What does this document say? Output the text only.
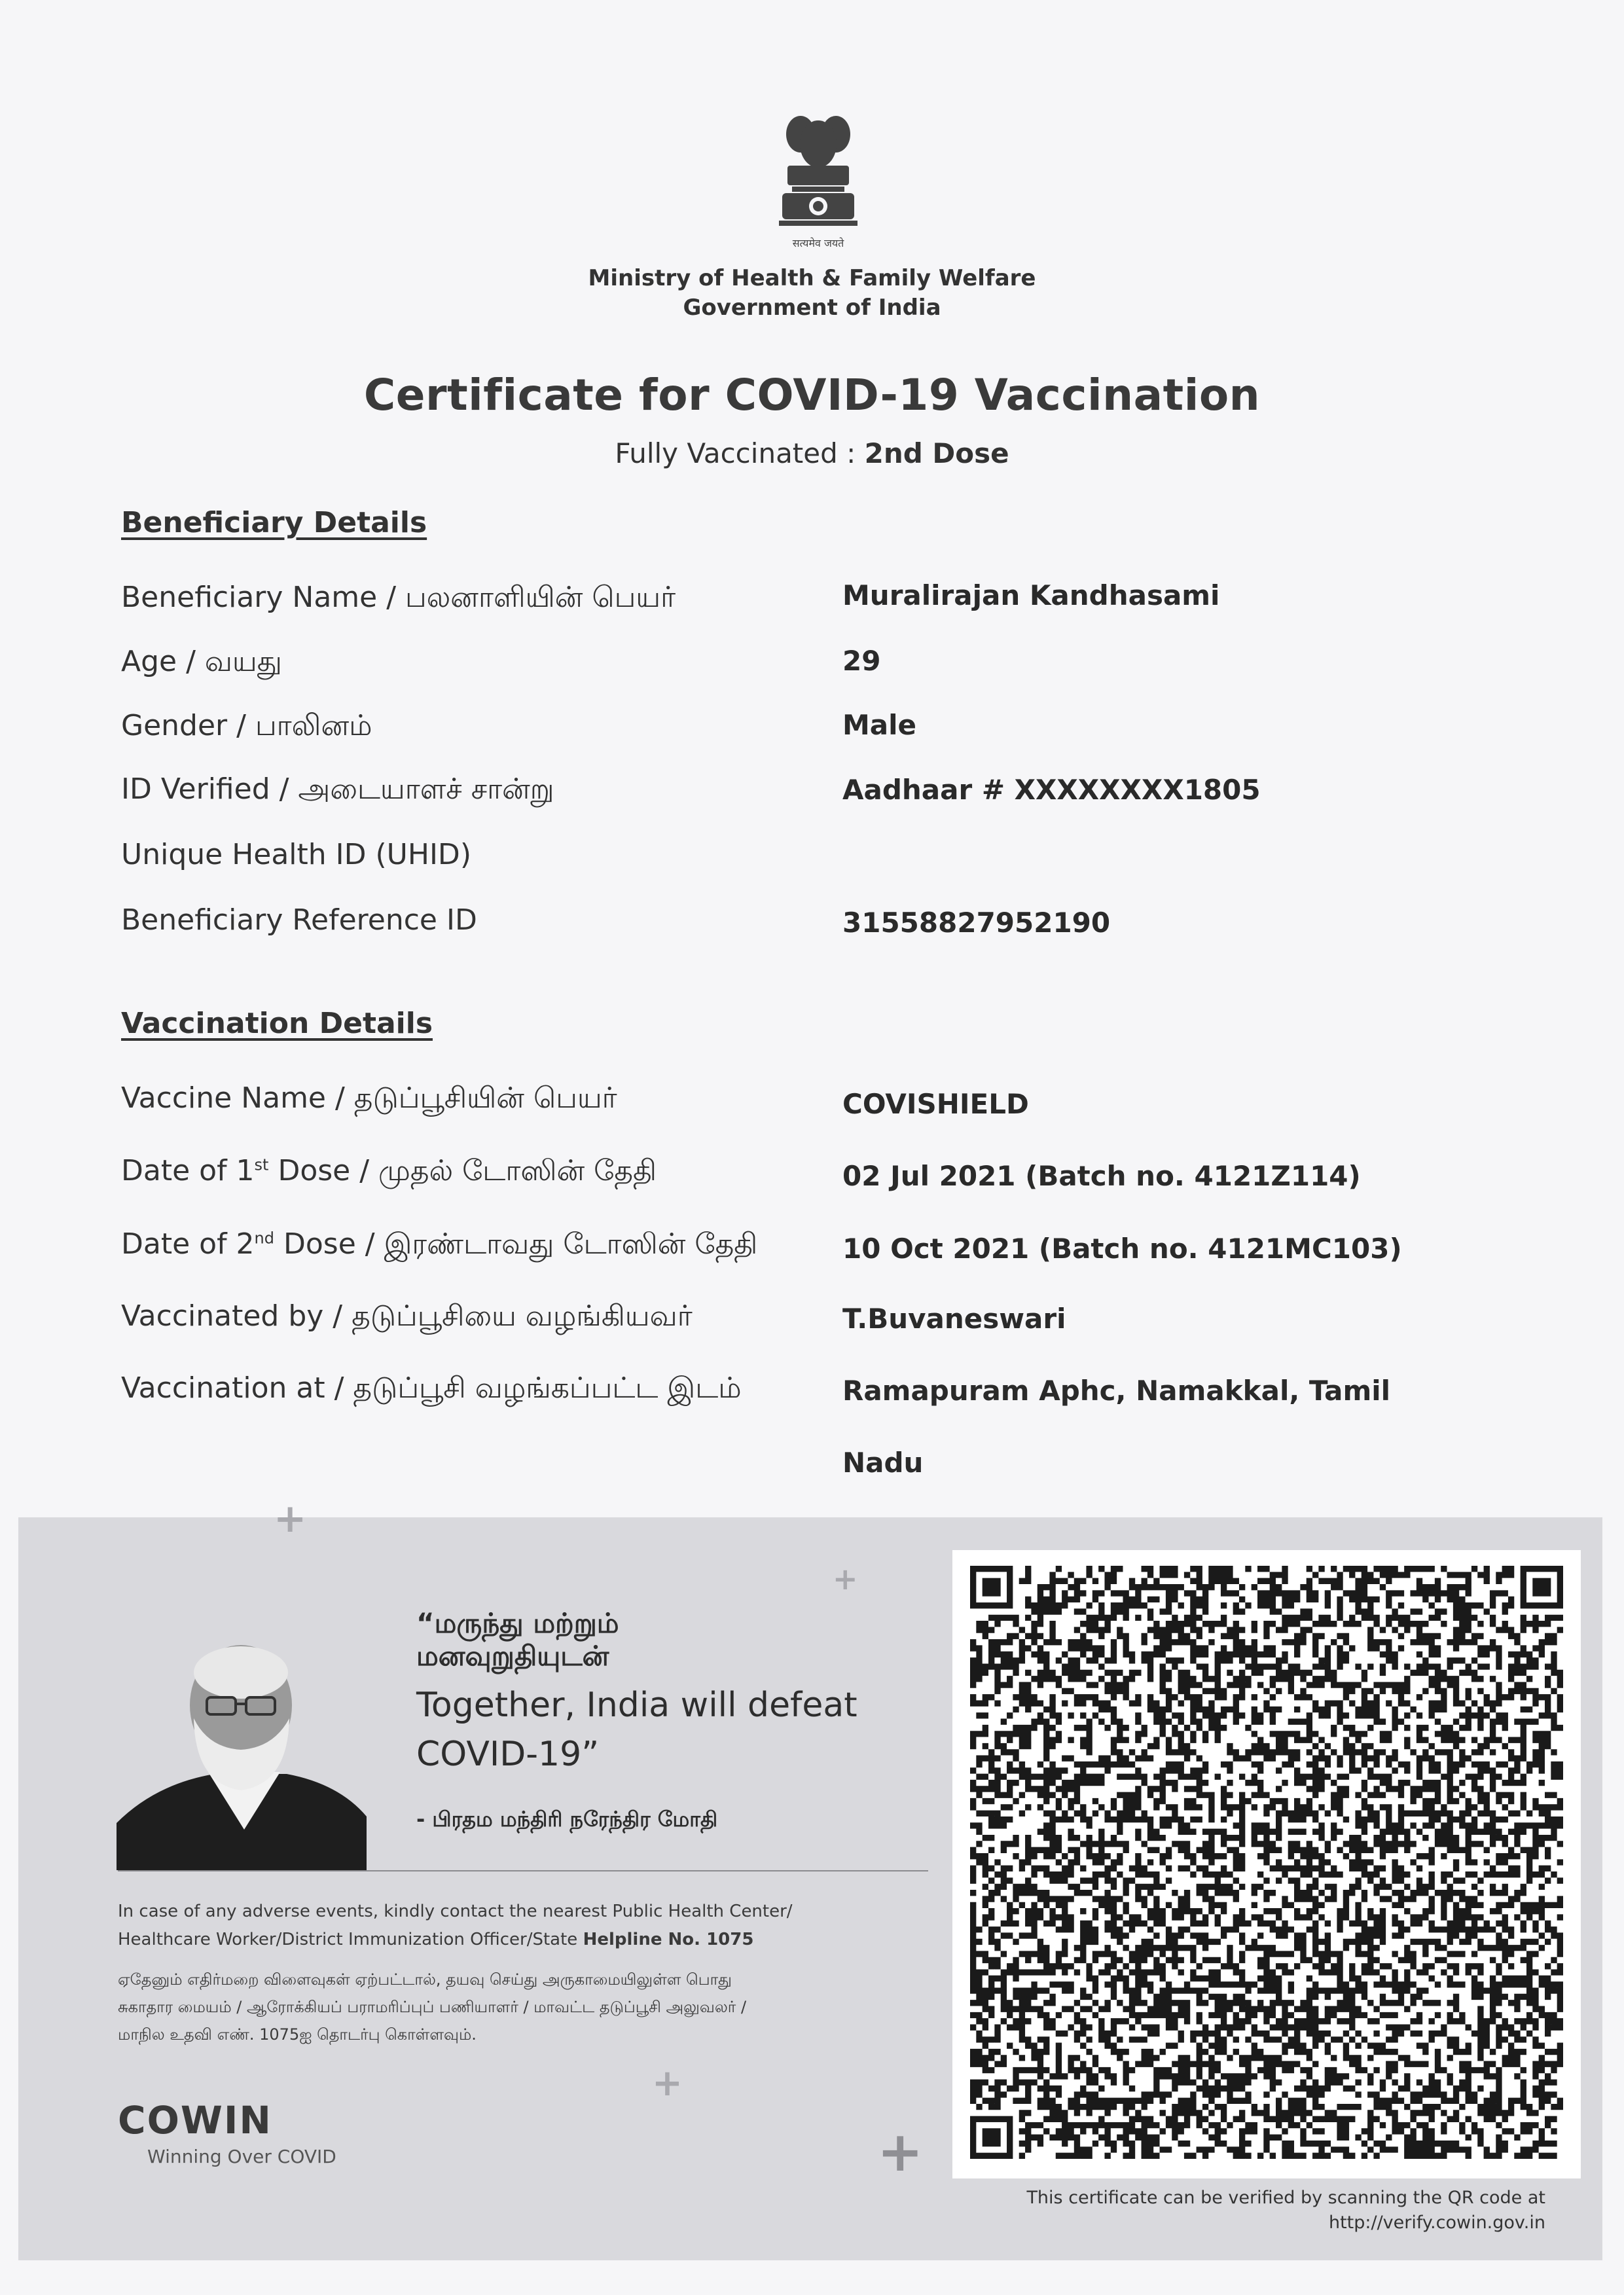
सत्यमेव जयते
Ministry of Health & Family Welfare
Government of India
Certificate for COVID-19 Vaccination
Fully Vaccinated : 2nd Dose
Beneficiary Details
Beneficiary Name / பலனாளியின் பெயர்	Muralirajan Kandhasami
Age / வயது	29
Gender / பாலினம்	Male
ID Verified / அடையாளச் சான்று	Aadhaar # XXXXXXXX1805
Unique Health ID (UHID)
Beneficiary Reference ID	31558827952190
Vaccination Details
Vaccine Name / தடுப்பூசியின் பெயர்	COVISHIELD
Date of 1st Dose / முதல் டோஸின் தேதி	02 Jul 2021 (Batch no. 4121Z114)
Date of 2nd Dose / இரண்டாவது டோஸின் தேதி	10 Oct 2021 (Batch no. 4121MC103)
Vaccinated by / தடுப்பூசியை வழங்கியவர்	T.Buvaneswari
Vaccination at / தடுப்பூசி வழங்கப்பட்ட இடம்	Ramapuram Aphc, Namakkal, Tamil
Nadu
+
+
+
+
“மருந்து மற்றும்
மனவுறுதியுடன்
Together, India will defeat
COVID-19”
- பிரதம மந்திரி நரேந்திர மோதி
In case of any adverse events, kindly contact the nearest Public Health Center/
Healthcare Worker/District Immunization Officer/State Helpline No. 1075
ஏதேனும் எதிர்மறை விளைவுகள் ஏற்பட்டால், தயவு செய்து அருகாமையிலுள்ள பொது
சுகாதார மையம் / ஆரோக்கியப் பராமரிப்புப் பணியாளர் / மாவட்ட தடுப்பூசி அலுவலர் /
மாநில உதவி எண். 1075ஐ தொடர்பு கொள்ளவும்.
COWIN
Winning Over COVID
This certificate can be verified by scanning the QR code at
http://verify.cowin.gov.in
